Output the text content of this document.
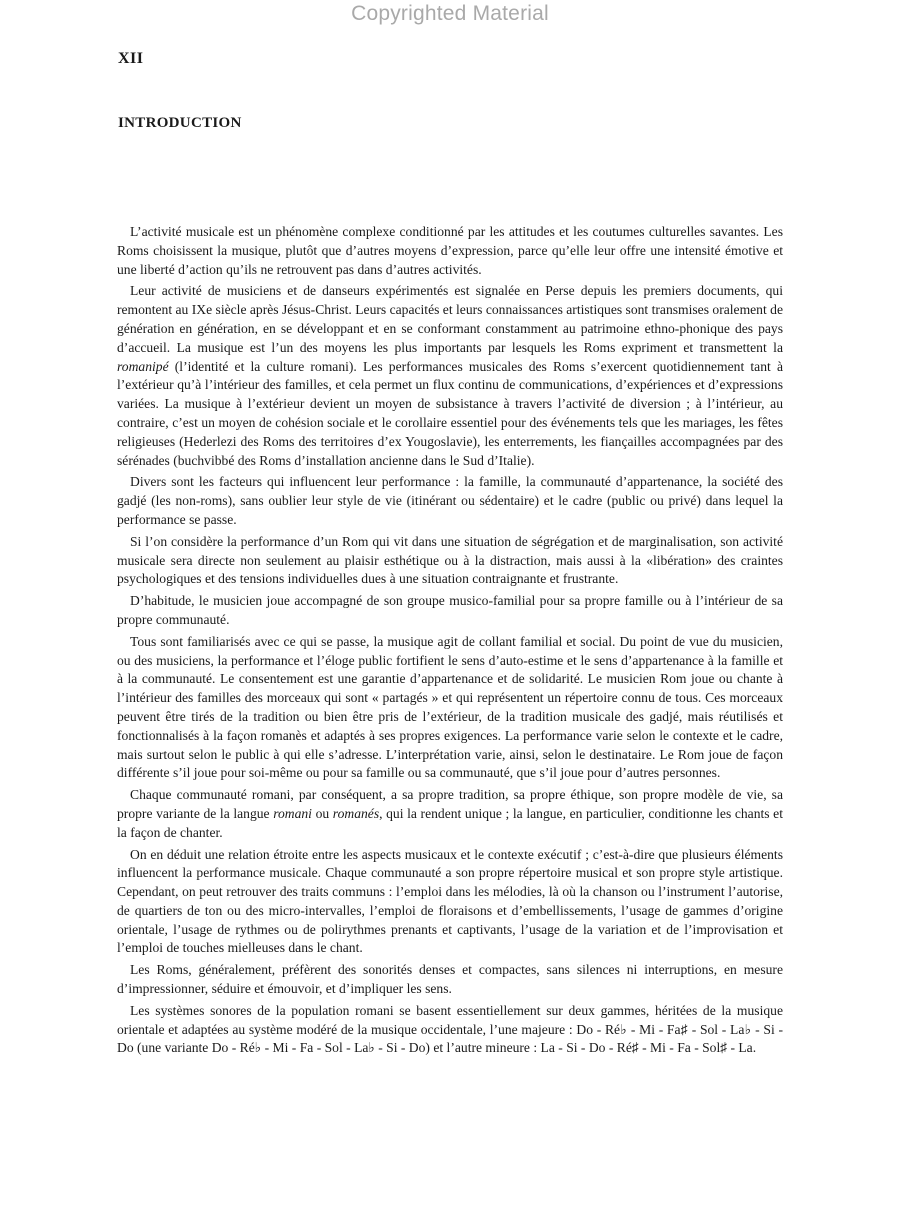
Copyrighted Material
XII
INTRODUCTION

L’activité musicale est un phénomène complexe conditionné par les attitudes et les coutumes culturelles savantes. Les Roms choisissent la musique, plutôt que d’autres moyens d’expression, parce qu’elle leur offre une intensité émotive et une liberté d’action qu’ils ne retrouvent pas dans d’autres activités.

Leur activité de musiciens et de danseurs expérimentés est signalée en Perse depuis les premiers documents, qui remontent au IXe siècle après Jésus-Christ. Leurs capacités et leurs connaissances artistiques sont transmises oralement de génération en génération, en se développant et en se conformant constamment au patrimoine ethno-phonique des pays d’accueil. La musique est l’un des moyens les plus importants par lesquels les Roms expriment et transmettent la romanipé (l’identité et la culture romani). Les performances musicales des Roms s’exercent quotidiennement tant à l’extérieur qu’à l’intérieur des familles, et cela permet un flux continu de communications, d’expériences et d’expressions variées. La musique à l’extérieur devient un moyen de subsistance à travers l’activité de diversion ; à l’intérieur, au contraire, c’est un moyen de cohésion sociale et le corollaire essentiel pour des événements tels que les mariages, les fêtes religieuses (Hederlezi des Roms des territoires d’ex Yougoslavie), les enterrements, les fiançailles accompagnées par des sérénades (buchvibbé des Roms d’installation ancienne dans le Sud d’Italie).

Divers sont les facteurs qui influencent leur performance : la famille, la communauté d’appartenance, la société des gadjé (les non-roms), sans oublier leur style de vie (itinérant ou sédentaire) et le cadre (public ou privé) dans lequel la performance se passe.

Si l’on considère la performance d’un Rom qui vit dans une situation de ségrégation et de marginalisation, son activité musicale sera directe non seulement au plaisir esthétique ou à la distraction, mais aussi à la «libération» des craintes psychologiques et des tensions individuelles dues à une situation contraignante et frustrante.

D’habitude, le musicien joue accompagné de son groupe musico-familial pour sa propre famille ou à l’intérieur de sa propre communauté.

Tous sont familiarisés avec ce qui se passe, la musique agit de collant familial et social. Du point de vue du musicien, ou des musiciens, la performance et l’éloge public fortifient le sens d’auto-estime et le sens d’appartenance à la famille et à la communauté. Le consentement est une garantie d’appartenance et de solidarité. Le musicien Rom joue ou chante à l’intérieur des familles des morceaux qui sont « partagés » et qui représentent un répertoire connu de tous. Ces morceaux peuvent être tirés de la tradition ou bien être pris de l’extérieur, de la tradition musicale des gadjé, mais réutilisés et fonctionnalisés à la façon romanès et adaptés à ses propres exigences. La performance varie selon le contexte et le cadre, mais surtout selon le public à qui elle s’adresse. L’interprétation varie, ainsi, selon le destinataire. Le Rom joue de façon différente s’il joue pour soi-même ou pour sa famille ou sa communauté, que s’il joue pour d’autres personnes.

Chaque communauté romani, par conséquent, a sa propre tradition, sa propre éthique, son propre modèle de vie, sa propre variante de la langue romani ou romanés, qui la rendent unique ; la langue, en particulier, conditionne les chants et la façon de chanter.

On en déduit une relation étroite entre les aspects musicaux et le contexte exécutif ; c’est-à-dire que plusieurs éléments influencent la performance musicale. Chaque communauté a son propre répertoire musical et son propre style artistique. Cependant, on peut retrouver des traits communs : l’emploi dans les mélodies, là où la chanson ou l’instrument l’autorise, de quartiers de ton ou des micro-intervalles, l’emploi de floraisons et d’embellissements, l’usage de gammes d’origine orientale, l’usage de rythmes ou de polirythmes prenants et captivants, l’usage de la variation et de l’improvisation et l’emploi de touches mielleuses dans le chant.

Les Roms, généralement, préfèrent des sonorités denses et compactes, sans silences ni interruptions, en mesure d’impressionner, séduire et émouvoir, et d’impliquer les sens.

Les systèmes sonores de la population romani se basent essentiellement sur deux gammes, héritées de la musique orientale et adaptées au système modéré de la musique occidentale, l’une majeure : Do - Ré♭ - Mi - Fa♯ - Sol - La♭ - Si - Do (une variante Do - Ré♭ - Mi - Fa - Sol - La♭ - Si - Do) et l’autre mineure : La - Si - Do - Ré♯ - Mi - Fa - Sol♯ - La.
